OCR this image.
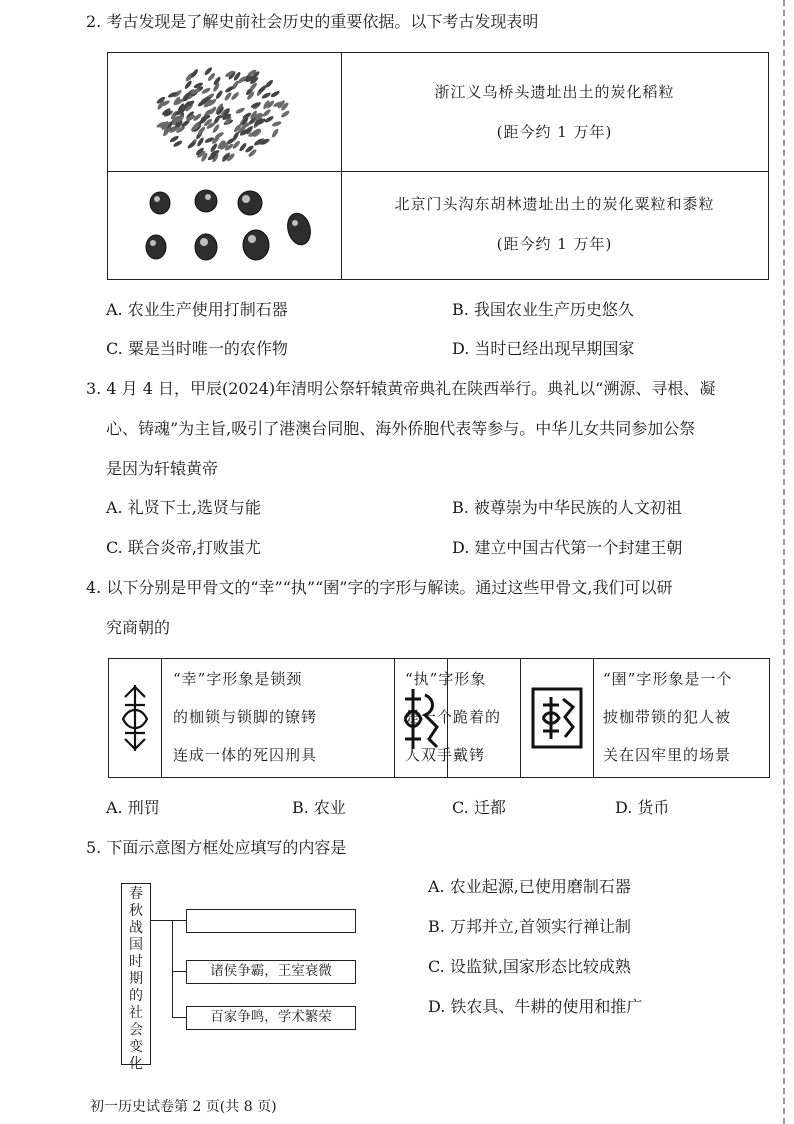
2. 考古发现是了解史前社会历史的重要依据。以下考古发现表明
浙江义乌桥头遗址出土的炭化稻粒
(距今约 1 万年)
北京门头沟东胡林遗址出土的炭化粟粒和黍粒
(距今约 1 万年)
A. 农业生产使用打制石器	B. 我国农业生产历史悠久
C. 粟是当时唯一的农作物	D. 当时已经出现早期国家
3. 4 月 4 日，甲辰(2024)年清明公祭轩辕黄帝典礼在陕西举行。典礼以“溯源、寻根、凝
心、铸魂”为主旨,吸引了港澳台同胞、海外侨胞代表等参与。中华儿女共同参加公祭
是因为轩辕黄帝
A. 礼贤下士,选贤与能	B. 被尊崇为中华民族的人文初祖
C. 联合炎帝,打败蚩尤	D. 建立中国古代第一个封建王朝
4. 以下分别是甲骨文的“幸”“执”“圉”字的字形与解读。通过这些甲骨文,我们可以研
究商朝的
“幸”字形象是锁颈
的枷锁与锁脚的镣铐
连成一体的死囚刑具
“执”字形象
是一个跪着的
人双手戴铐
“圉”字形象是一个
披枷带锁的犯人被
关在囚牢里的场景
A. 刑罚	B. 农业	C. 迁都	D. 货币
5. 下面示意图方框处应填写的内容是
春
秋
战
国
时
期
的
社
会
变
化
诸侯争霸，王室衰微
百家争鸣，学术繁荣
A. 农业起源,已使用磨制石器
B. 万邦并立,首领实行禅让制
C. 设监狱,国家形态比较成熟
D. 铁农具、牛耕的使用和推广
初一历史试卷第 2 页(共 8 页)
